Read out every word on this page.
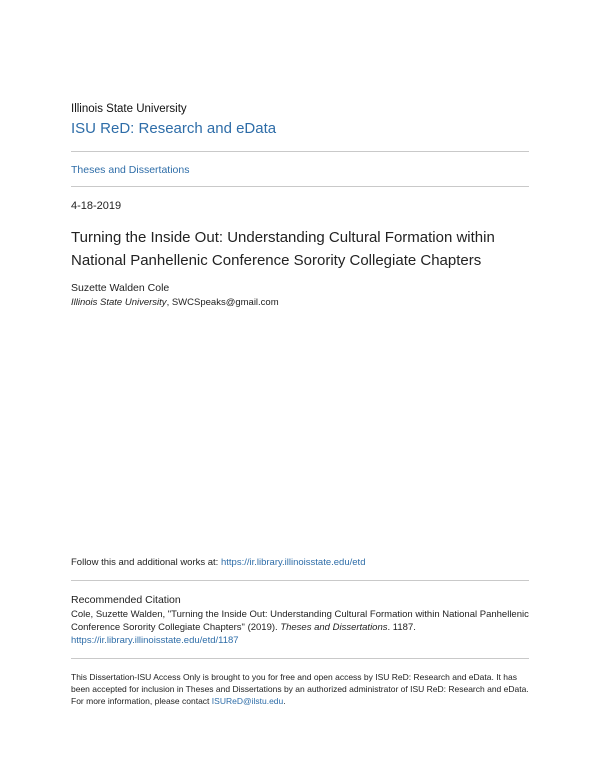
Illinois State University
ISU ReD: Research and eData
Theses and Dissertations
4-18-2019
Turning the Inside Out: Understanding Cultural Formation within National Panhellenic Conference Sorority Collegiate Chapters
Suzette Walden Cole
Illinois State University, SWCSpeaks@gmail.com
Follow this and additional works at: https://ir.library.illinoisstate.edu/etd
Recommended Citation
Cole, Suzette Walden, "Turning the Inside Out: Understanding Cultural Formation within National Panhellenic Conference Sorority Collegiate Chapters" (2019). Theses and Dissertations. 1187.
https://ir.library.illinoisstate.edu/etd/1187
This Dissertation-ISU Access Only is brought to you for free and open access by ISU ReD: Research and eData. It has been accepted for inclusion in Theses and Dissertations by an authorized administrator of ISU ReD: Research and eData. For more information, please contact ISUReD@ilstu.edu.
